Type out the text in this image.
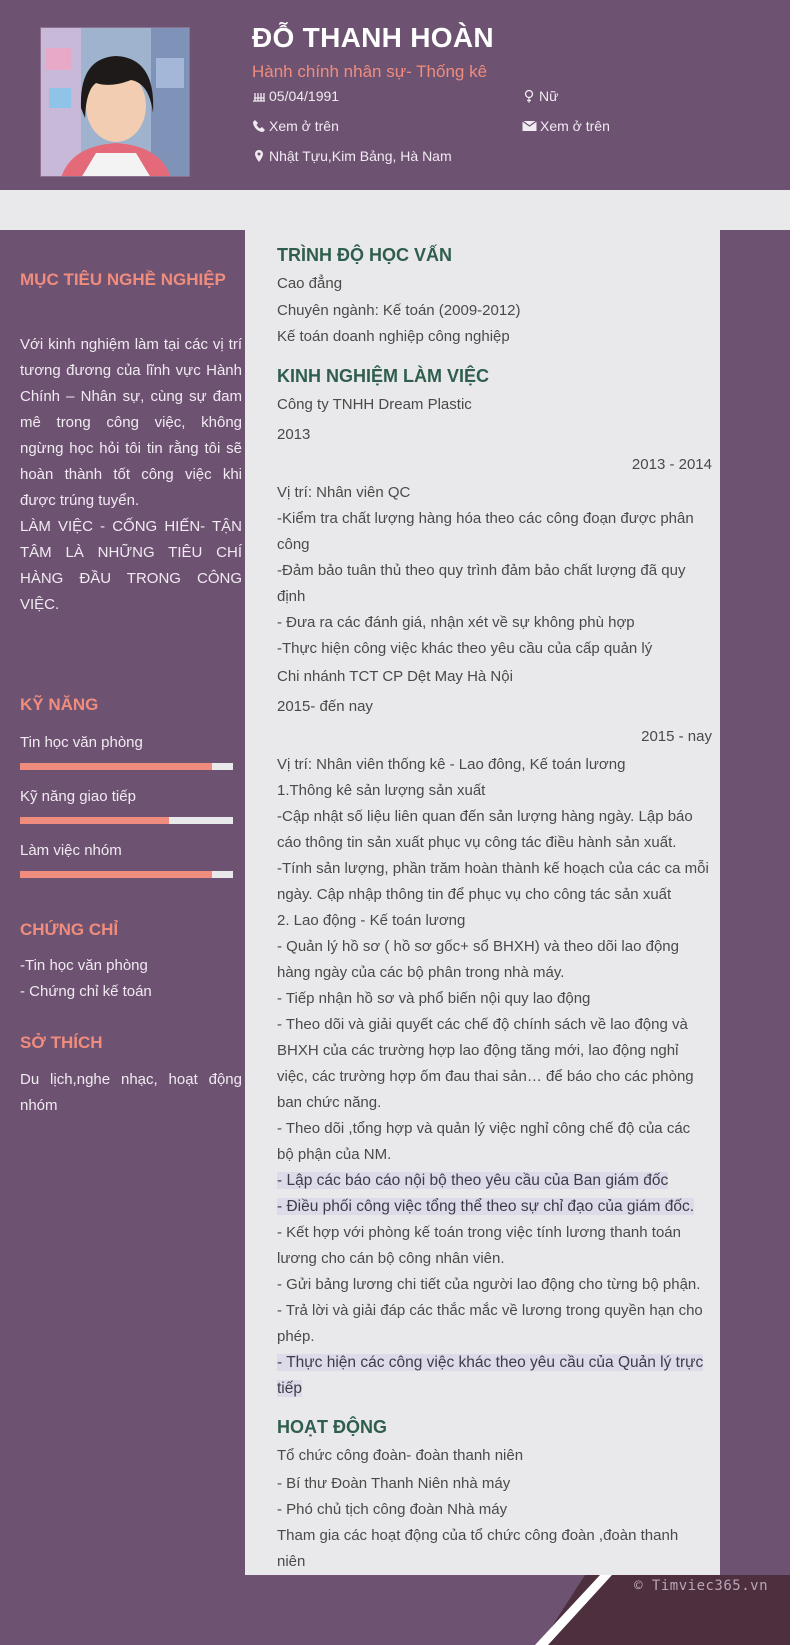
ĐỖ THANH HOÀN
Hành chính nhân sự- Thống kê
05/04/1991	Nữ
Xem ở trên	Xem ở trên
Nhật Tựu,Kim Bảng, Hà Nam
MỤC TIÊU NGHỀ NGHIỆP

Với kinh nghiệm làm tại các vị trí tương đương của lĩnh vực Hành Chính – Nhân sự, cùng sự đam mê trong công việc, không ngừng học hỏi tôi tin rằng tôi sẽ hoàn thành tốt công việc khi được trúng tuyển.

LÀM VIỆC - CỐNG HIẾN- TẬN TÂM LÀ NHỮNG TIÊU CHÍ HÀNG ĐẦU TRONG CÔNG VIỆC.

KỸ NĂNG
Tin học văn phòng
Kỹ năng giao tiếp
Làm việc nhóm
CHỨNG CHỈ
-Tin học văn phòng
- Chứng chỉ kế toán
SỞ THÍCH
Du lịch,nghe nhạc, hoạt động nhóm
TRÌNH ĐỘ HỌC VẤN
Cao đẳng
Chuyên ngành: Kế toán (2009-2012)
Kế toán doanh nghiệp công nghiệp
KINH NGHIỆM LÀM VIỆC
Công ty TNHH Dream Plastic
2013
2013 - 2014
Vị trí: Nhân viên QC
-Kiểm tra chất lượng hàng hóa theo các công đoạn được phân công
-Đảm bảo tuân thủ theo quy trình đảm bảo chất lượng đã quy định
- Đưa ra các đánh giá, nhận xét về sự không phù hợp
-Thực hiện công việc khác theo yêu cầu của cấp quản lý
Chi nhánh TCT CP Dệt May Hà Nội
2015- đến nay
2015 - nay
Vị trí: Nhân viên thống kê - Lao đông, Kế toán lương
1.Thông kê sản lượng sản xuất
-Cập nhật số liệu liên quan đến sản lượng hàng ngày. Lập báo cáo thông tin sản xuất phục vụ công tác điều hành sản xuất.
-Tính sản lượng, phần trăm hoàn thành kế hoạch của các ca mỗi ngày. Cập nhập thông tin để phục vụ cho công tác sản xuất
2. Lao động - Kế toán lương
- Quản lý hồ sơ ( hồ sơ gốc+ sổ BHXH) và theo dõi lao động hàng ngày của các bộ phân trong nhà máy.
- Tiếp nhận hồ sơ và phổ biến nội quy lao động
- Theo dõi và giải quyết các chế độ chính sách về lao động và BHXH của các trường hợp lao động tăng mới, lao động nghỉ việc, các trường hợp ốm đau thai sản… để báo cho các phòng ban chức năng.
- Theo dõi ,tổng hợp và quản lý việc nghỉ công chế độ của các bộ phận của NM.
- Lập các báo cáo nội bộ theo yêu cầu của Ban giám đốc
- Điều phối công việc tổng thể theo sự chỉ đạo của giám đốc.
- Kết hợp với phòng kế toán trong việc tính lương thanh toán lương cho cán bộ công nhân viên.
- Gửi bảng lương chi tiết của người lao động cho từng bộ phận.
- Trả lời và giải đáp các thắc mắc về lương trong quyền hạn cho phép.
- Thực hiện các công việc khác theo yêu cầu của Quản lý trực tiếp
HOẠT ĐỘNG
Tổ chức công đoàn- đoàn thanh niên
- Bí thư Đoàn Thanh Niên nhà máy
- Phó chủ tịch công đoàn Nhà máy
Tham gia các hoạt động của tổ chức công đoàn ,đoàn thanh niên
© Timviec365.vn
